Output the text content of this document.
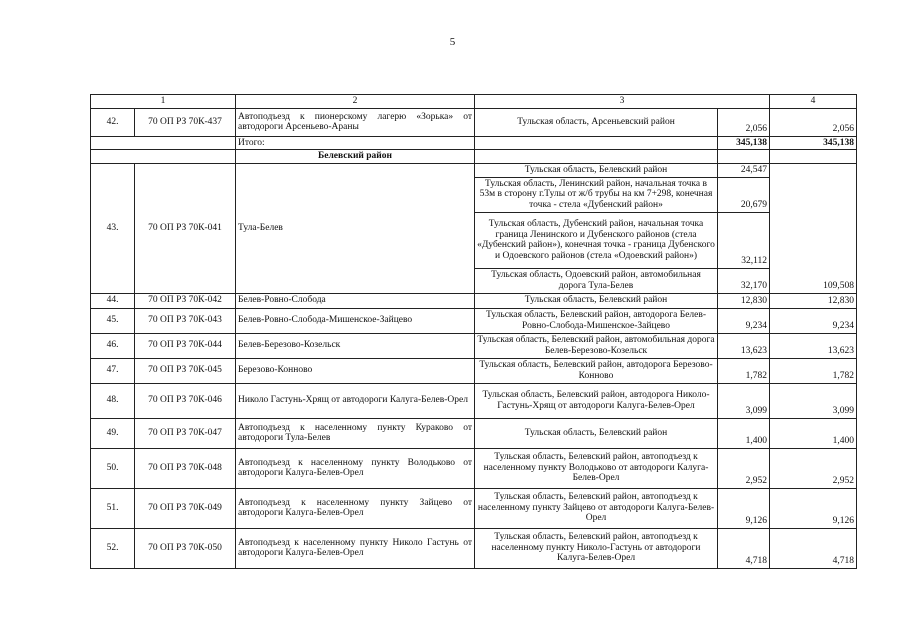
5
1		2	3		4
42.	70 ОП РЗ 70К-437	Автоподъезд к пионерскому лагерю «Зорька» от автодороги Арсеньево-Араны	Тульская область, Арсеньевский район	2,056	2,056
		Итого:		345,138	345,138
		Белевский район			
43.	70 ОП РЗ 70К-041	Тула-Белев	Тульская область, Белевский район	24,547	109,508
			Тульская область, Ленинский район, начальная точка в 53м в сторону г.Тулы от ж/б трубы на км 7+298, конечная точка - стела «Дубенский район»	20,679	
			Тульская область, Дубенский район, начальная точка граница Ленинского и Дубенского районов (стела «Дубенский район»), конечная точка - граница Дубенского и Одоевского районов (стела «Одоевский район»)	32,112	
			Тульская область, Одоевский район, автомобильная дорога Тула-Белев	32,170	
44.	70 ОП РЗ 70К-042	Белев-Ровно-Слобода	Тульская область, Белевский район	12,830	12,830
45.	70 ОП РЗ 70К-043	Белев-Ровно-Слобода-Мишенское-Зайцево	Тульская область, Белевский район, автодорога Белев-Ровно-Слобода-Мишенское-Зайцево	9,234	9,234
46.	70 ОП РЗ 70К-044	Белев-Березово-Козельск	Тульская область, Белевский район, автомобильная дорога Белев-Березово-Козельск	13,623	13,623
47.	70 ОП РЗ 70К-045	Березово-Конново	Тульская область, Белевский район, автодорога Березово-Конново	1,782	1,782
48.	70 ОП РЗ 70К-046	Николо Гастунь-Хрящ от автодороги Калуга-Белев-Орел	Тульская область, Белевский район, автодорога Николо-Гастунь-Хрящ от автодороги Калуга-Белев-Орел	3,099	3,099
49.	70 ОП РЗ 70К-047	Автоподъезд к населенному пункту Кураково от автодороги Тула-Белев	Тульская область, Белевский район	1,400	1,400
50.	70 ОП РЗ 70К-048	Автоподъезд к населенному пункту Володьково от автодороги Калуга-Белев-Орел	Тульская область, Белевский район, автоподъезд к населенному пункту Володьково от автодороги Калуга-Белев-Орел	2,952	2,952
51.	70 ОП РЗ 70К-049	Автоподъезд к населенному пункту Зайцево от автодороги Калуга-Белев-Орел	Тульская область, Белевский район, автоподъезд к населенному пункту Зайцево от автодороги Калуга-Белев-Орел	9,126	9,126
52.	70 ОП РЗ 70К-050	Автоподъезд к населенному пункту Николо Гастунь от автодороги Калуга-Белев-Орел	Тульская область, Белевский район, автоподъезд к населенному пункту Николо-Гастунь от автодороги Калуга-Белев-Орел	4,718	4,718
